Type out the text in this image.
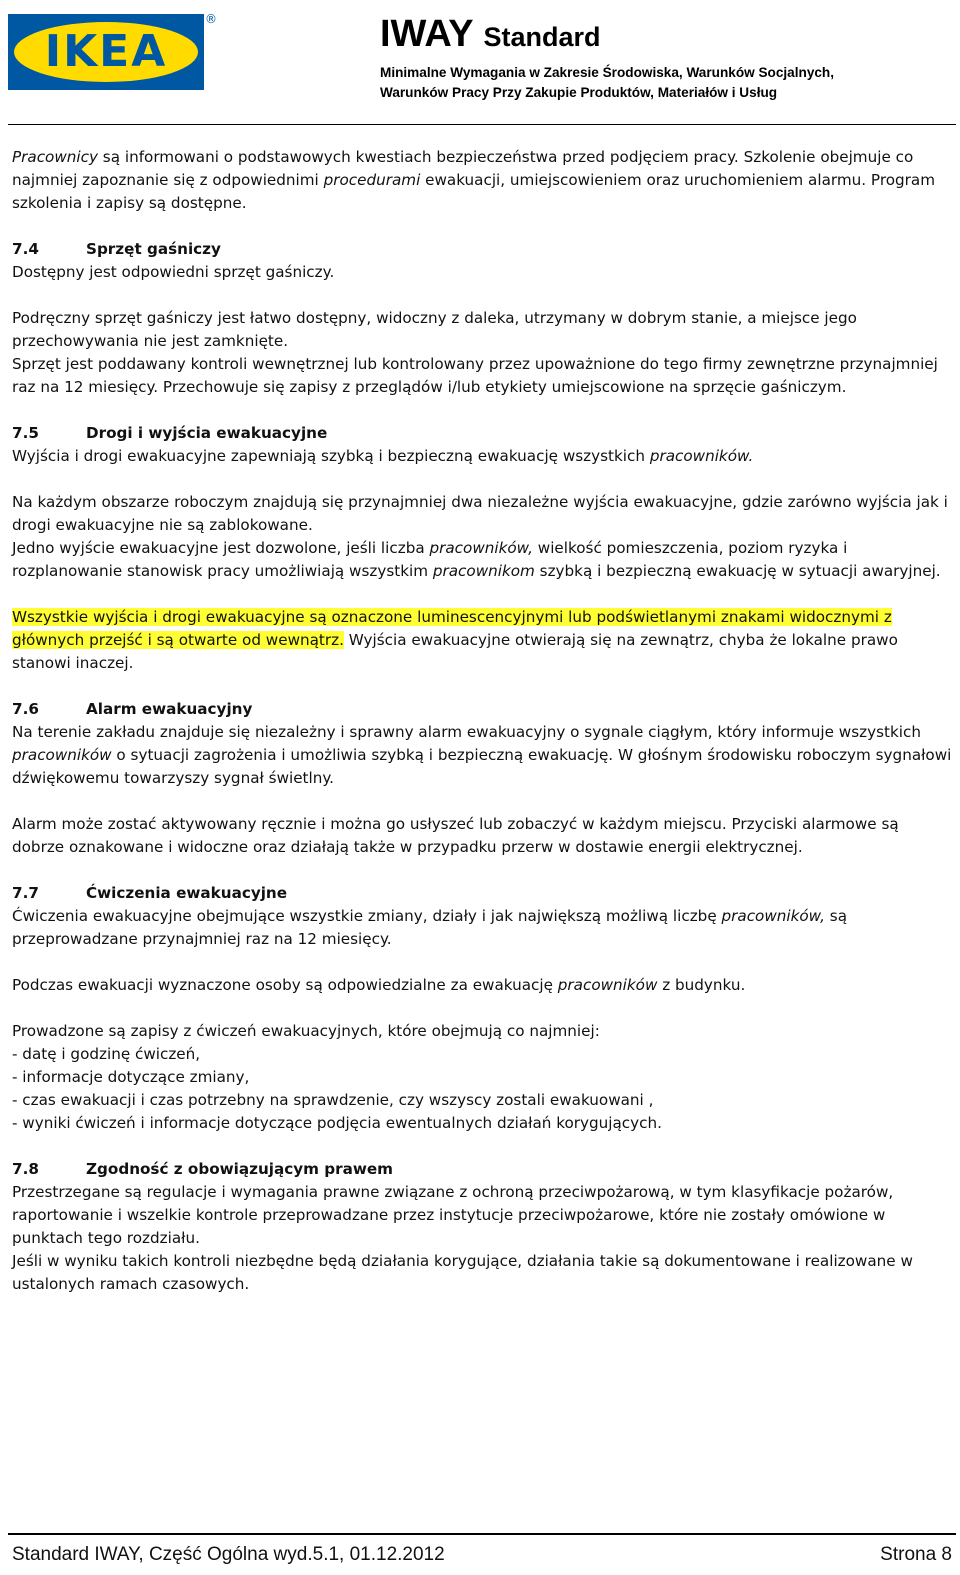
IKEA
®	IWAY Standard

Minimalne Wymagania w Zakresie Środowiska, Warunków Socjalnych,
Warunków Pracy Przy Zakupie Produktów, Materiałów i Usług

Pracownicy są informowani o podstawowych kwestiach bezpieczeństwa przed podjęciem pracy. Szkolenie obejmuje co najmniej zapoznanie się z odpowiednimi procedurami ewakuacji, umiejscowieniem oraz uruchomieniem alarmu. Program szkolenia i zapisy są dostępne.

7.4	Sprzęt gaśniczy

Dostępny jest odpowiedni sprzęt gaśniczy.

Podręczny sprzęt gaśniczy jest łatwo dostępny, widoczny z daleka, utrzymany w dobrym stanie, a miejsce jego przechowywania nie jest zamknięte.

Sprzęt jest poddawany kontroli wewnętrznej lub kontrolowany przez upoważnione do tego firmy zewnętrzne przynajmniej raz na 12 miesięcy. Przechowuje się zapisy z przeglądów i/lub etykiety umiejscowione na sprzęcie gaśniczym.

7.5	Drogi i wyjścia ewakuacyjne

Wyjścia i drogi ewakuacyjne zapewniają szybką i bezpieczną ewakuację wszystkich pracowników.

Na każdym obszarze roboczym znajdują się przynajmniej dwa niezależne wyjścia ewakuacyjne, gdzie zarówno wyjścia jak i drogi ewakuacyjne nie są zablokowane.

Jedno wyjście ewakuacyjne jest dozwolone, jeśli liczba pracowników, wielkość pomieszczenia, poziom ryzyka i rozplanowanie stanowisk pracy umożliwiają wszystkim pracownikom szybką i bezpieczną ewakuację w sytuacji awaryjnej.

Wszystkie wyjścia i drogi ewakuacyjne są oznaczone luminescencyjnymi lub podświetlanymi znakami widocznymi z głównych przejść i są otwarte od wewnątrz. Wyjścia ewakuacyjne otwierają się na zewnątrz, chyba że lokalne prawo stanowi inaczej.

7.6	Alarm ewakuacyjny

Na terenie zakładu znajduje się niezależny i sprawny alarm ewakuacyjny o sygnale ciągłym, który informuje wszystkich pracowników o sytuacji zagrożenia i umożliwia szybką i bezpieczną ewakuację. W głośnym środowisku roboczym sygnałowi dźwiękowemu towarzyszy sygnał świetlny.

Alarm może zostać aktywowany ręcznie i można go usłyszeć lub zobaczyć w każdym miejscu. Przyciski alarmowe są dobrze oznakowane i widoczne oraz działają także w przypadku przerw w dostawie energii elektrycznej.

7.7	Ćwiczenia ewakuacyjne

Ćwiczenia ewakuacyjne obejmujące wszystkie zmiany, działy i jak największą możliwą liczbę pracowników, są przeprowadzane przynajmniej raz na 12 miesięcy.

Podczas ewakuacji wyznaczone osoby są odpowiedzialne za ewakuację pracowników z budynku.

Prowadzone są zapisy z ćwiczeń ewakuacyjnych, które obejmują co najmniej:

- datę i godzinę ćwiczeń,

- informacje dotyczące zmiany,

- czas ewakuacji i czas potrzebny na sprawdzenie, czy wszyscy zostali ewakuowani ,

- wyniki ćwiczeń i informacje dotyczące podjęcia ewentualnych działań korygujących.

7.8	Zgodność z obowiązującym prawem

Przestrzegane są regulacje i wymagania prawne związane z ochroną przeciwpożarową, w tym klasyfikacje pożarów, raportowanie i wszelkie kontrole przeprowadzane przez instytucje przeciwpożarowe, które nie zostały omówione w punktach tego rozdziału.

Jeśli w wyniku takich kontroli niezbędne będą działania korygujące, działania takie są dokumentowane i realizowane w ustalonych ramach czasowych.

Standard IWAY, Część Ogólna wyd.5.1, 01.12.2012	Strona 8
